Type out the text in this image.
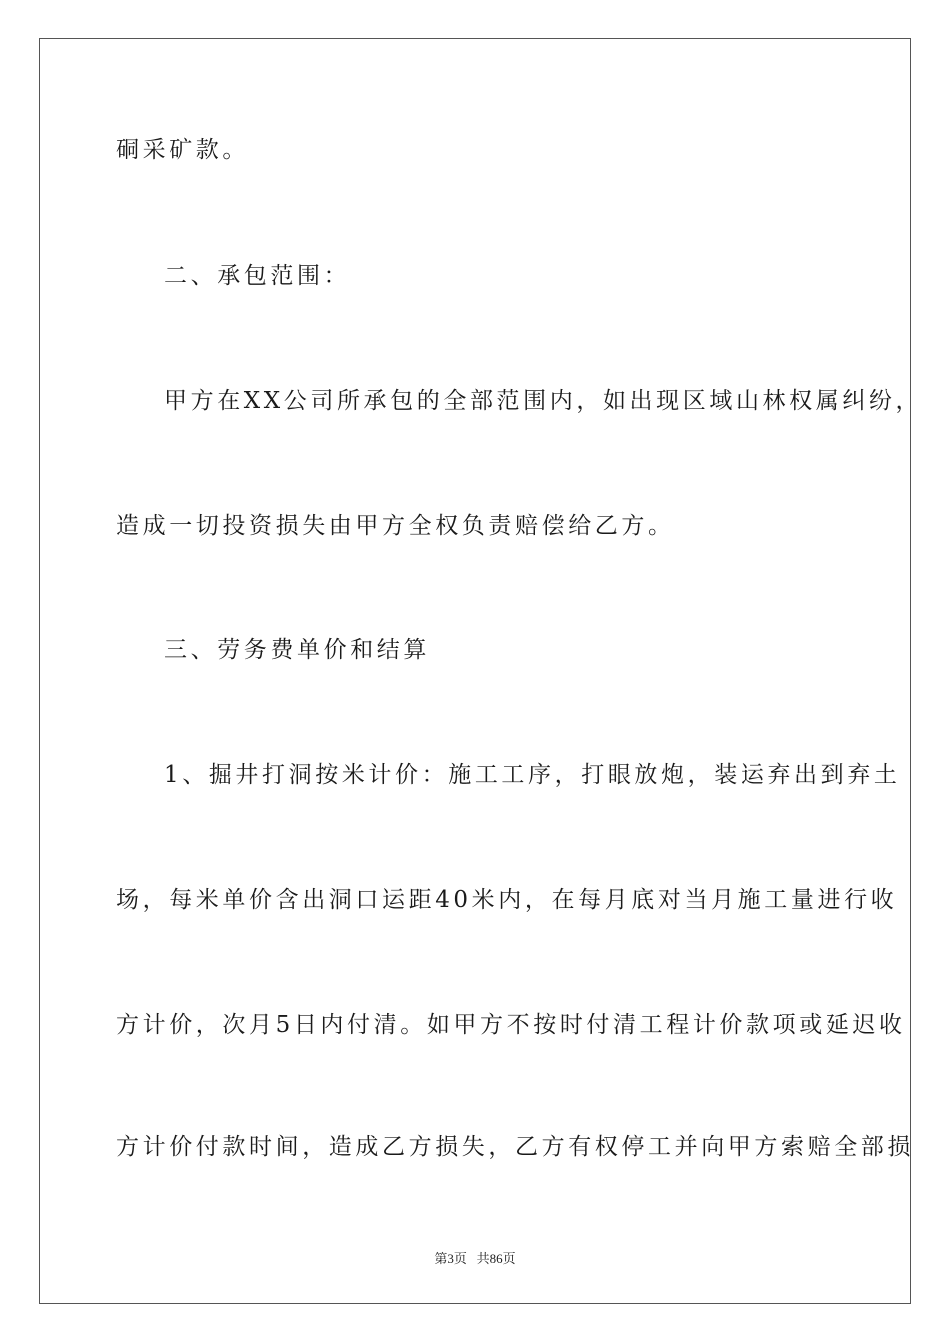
硐采矿款。
二、承包范围：
甲方在XX公司所承包的全部范围内，如出现区域山林权属纠纷，
造成一切投资损失由甲方全权负责赔偿给乙方。
三、劳务费单价和结算
1、掘井打洞按米计价：施工工序，打眼放炮，装运弃出到弃土
场，每米单价含出洞口运距40米内，在每月底对当月施工量进行收
方计价，次月5日内付清。如甲方不按时付清工程计价款项或延迟收
方计价付款时间，造成乙方损失，乙方有权停工并向甲方索赔全部损
第3页   共86页
